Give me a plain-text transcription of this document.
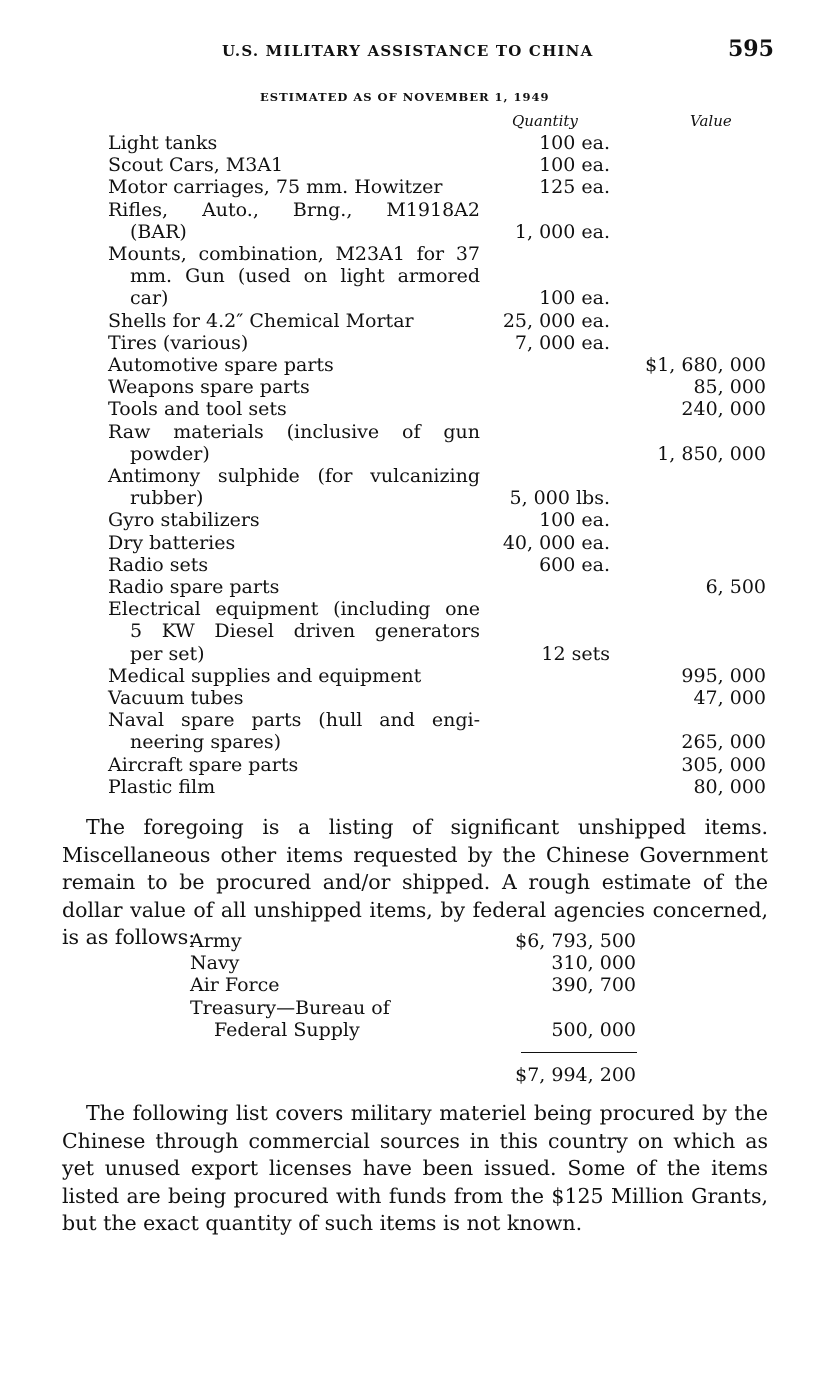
U.S. MILITARY ASSISTANCE TO CHINA	595
ESTIMATED AS OF NOVEMBER 1, 1949
Quantity	Value
Light tanks	100 ea.
Scout Cars, M3A1	100 ea.
Motor carriages, 75 mm. Howitzer	125 ea.
Rifles, Auto., Brng., M1918A2
(BAR)	1, 000 ea.
Mounts, combination, M23A1 for 37
mm. Gun (used on light armored
car)	100 ea.
Shells for 4.2″ Chemical Mortar	25, 000 ea.
Tires (various)	7, 000 ea.
Automotive spare parts	$1, 680, 000
Weapons spare parts	85, 000
Tools and tool sets	240, 000
Raw materials (inclusive of gun
powder)	1, 850, 000
Antimony sulphide (for vulcanizing
rubber)	5, 000 lbs.
Gyro stabilizers	100 ea.
Dry batteries	40, 000 ea.
Radio sets	600 ea.
Radio spare parts	6, 500
Electrical equipment (including one
5 KW Diesel driven generators
per set)	12 sets
Medical supplies and equipment	995, 000
Vacuum tubes	47, 000
Naval spare parts (hull and engi-
neering spares)	265, 000
Aircraft spare parts	305, 000
Plastic film	80, 000
The foregoing is a listing of significant unshipped items. Miscellaneous other items requested by the Chinese Government remain to be procured and/or shipped. A rough estimate of the dollar value of all unshipped items, by federal agencies concerned, is as follows:
Army	$6, 793, 500
Navy	310, 000
Air Force	390, 700
Treasury—Bureau of
Federal Supply	500, 000
$7, 994, 200
The following list covers military materiel being procured by the Chinese through commercial sources in this country on which as yet unused export licenses have been issued. Some of the items listed are being procured with funds from the $125 Million Grants, but the exact quantity of such items is not known.
